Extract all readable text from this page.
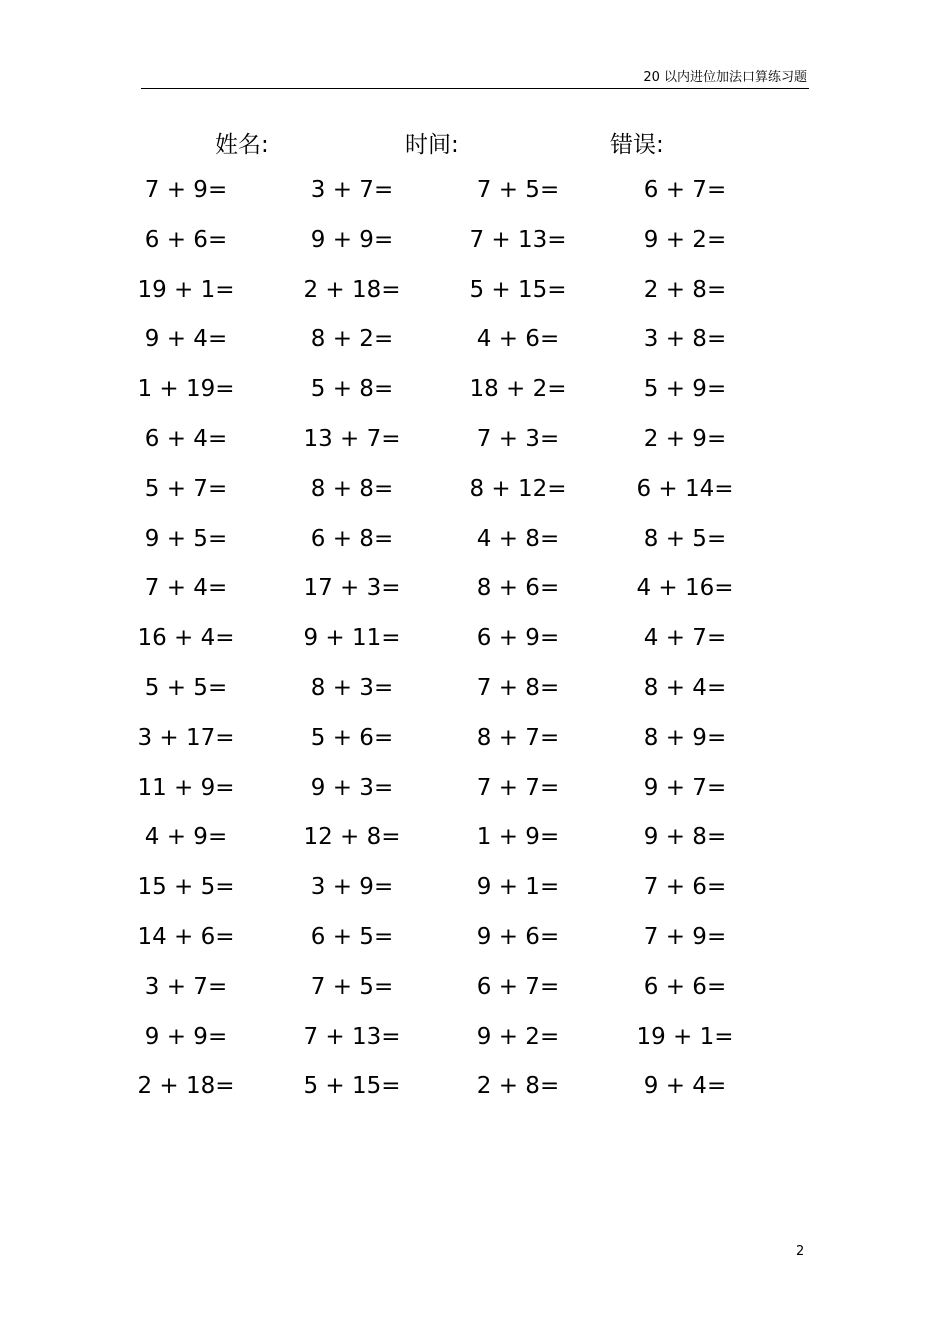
20 以内进位加法口算练习题
姓名:	时间:	错误:
7 + 9=	3 + 7=	7 + 5=	6 + 7=
6 + 6=	9 + 9=	7 + 13=	9 + 2=
19 + 1=	2 + 18=	5 + 15=	2 + 8=
9 + 4=	8 + 2=	4 + 6=	3 + 8=
1 + 19=	5 + 8=	18 + 2=	5 + 9=
6 + 4=	13 + 7=	7 + 3=	2 + 9=
5 + 7=	8 + 8=	8 + 12=	6 + 14=
9 + 5=	6 + 8=	4 + 8=	8 + 5=
7 + 4=	17 + 3=	8 + 6=	4 + 16=
16 + 4=	9 + 11=	6 + 9=	4 + 7=
5 + 5=	8 + 3=	7 + 8=	8 + 4=
3 + 17=	5 + 6=	8 + 7=	8 + 9=
11 + 9=	9 + 3=	7 + 7=	9 + 7=
4 + 9=	12 + 8=	1 + 9=	9 + 8=
15 + 5=	3 + 9=	9 + 1=	7 + 6=
14 + 6=	6 + 5=	9 + 6=	7 + 9=
3 + 7=	7 + 5=	6 + 7=	6 + 6=
9 + 9=	7 + 13=	9 + 2=	19 + 1=
2 + 18=	5 + 15=	2 + 8=	9 + 4=
2
